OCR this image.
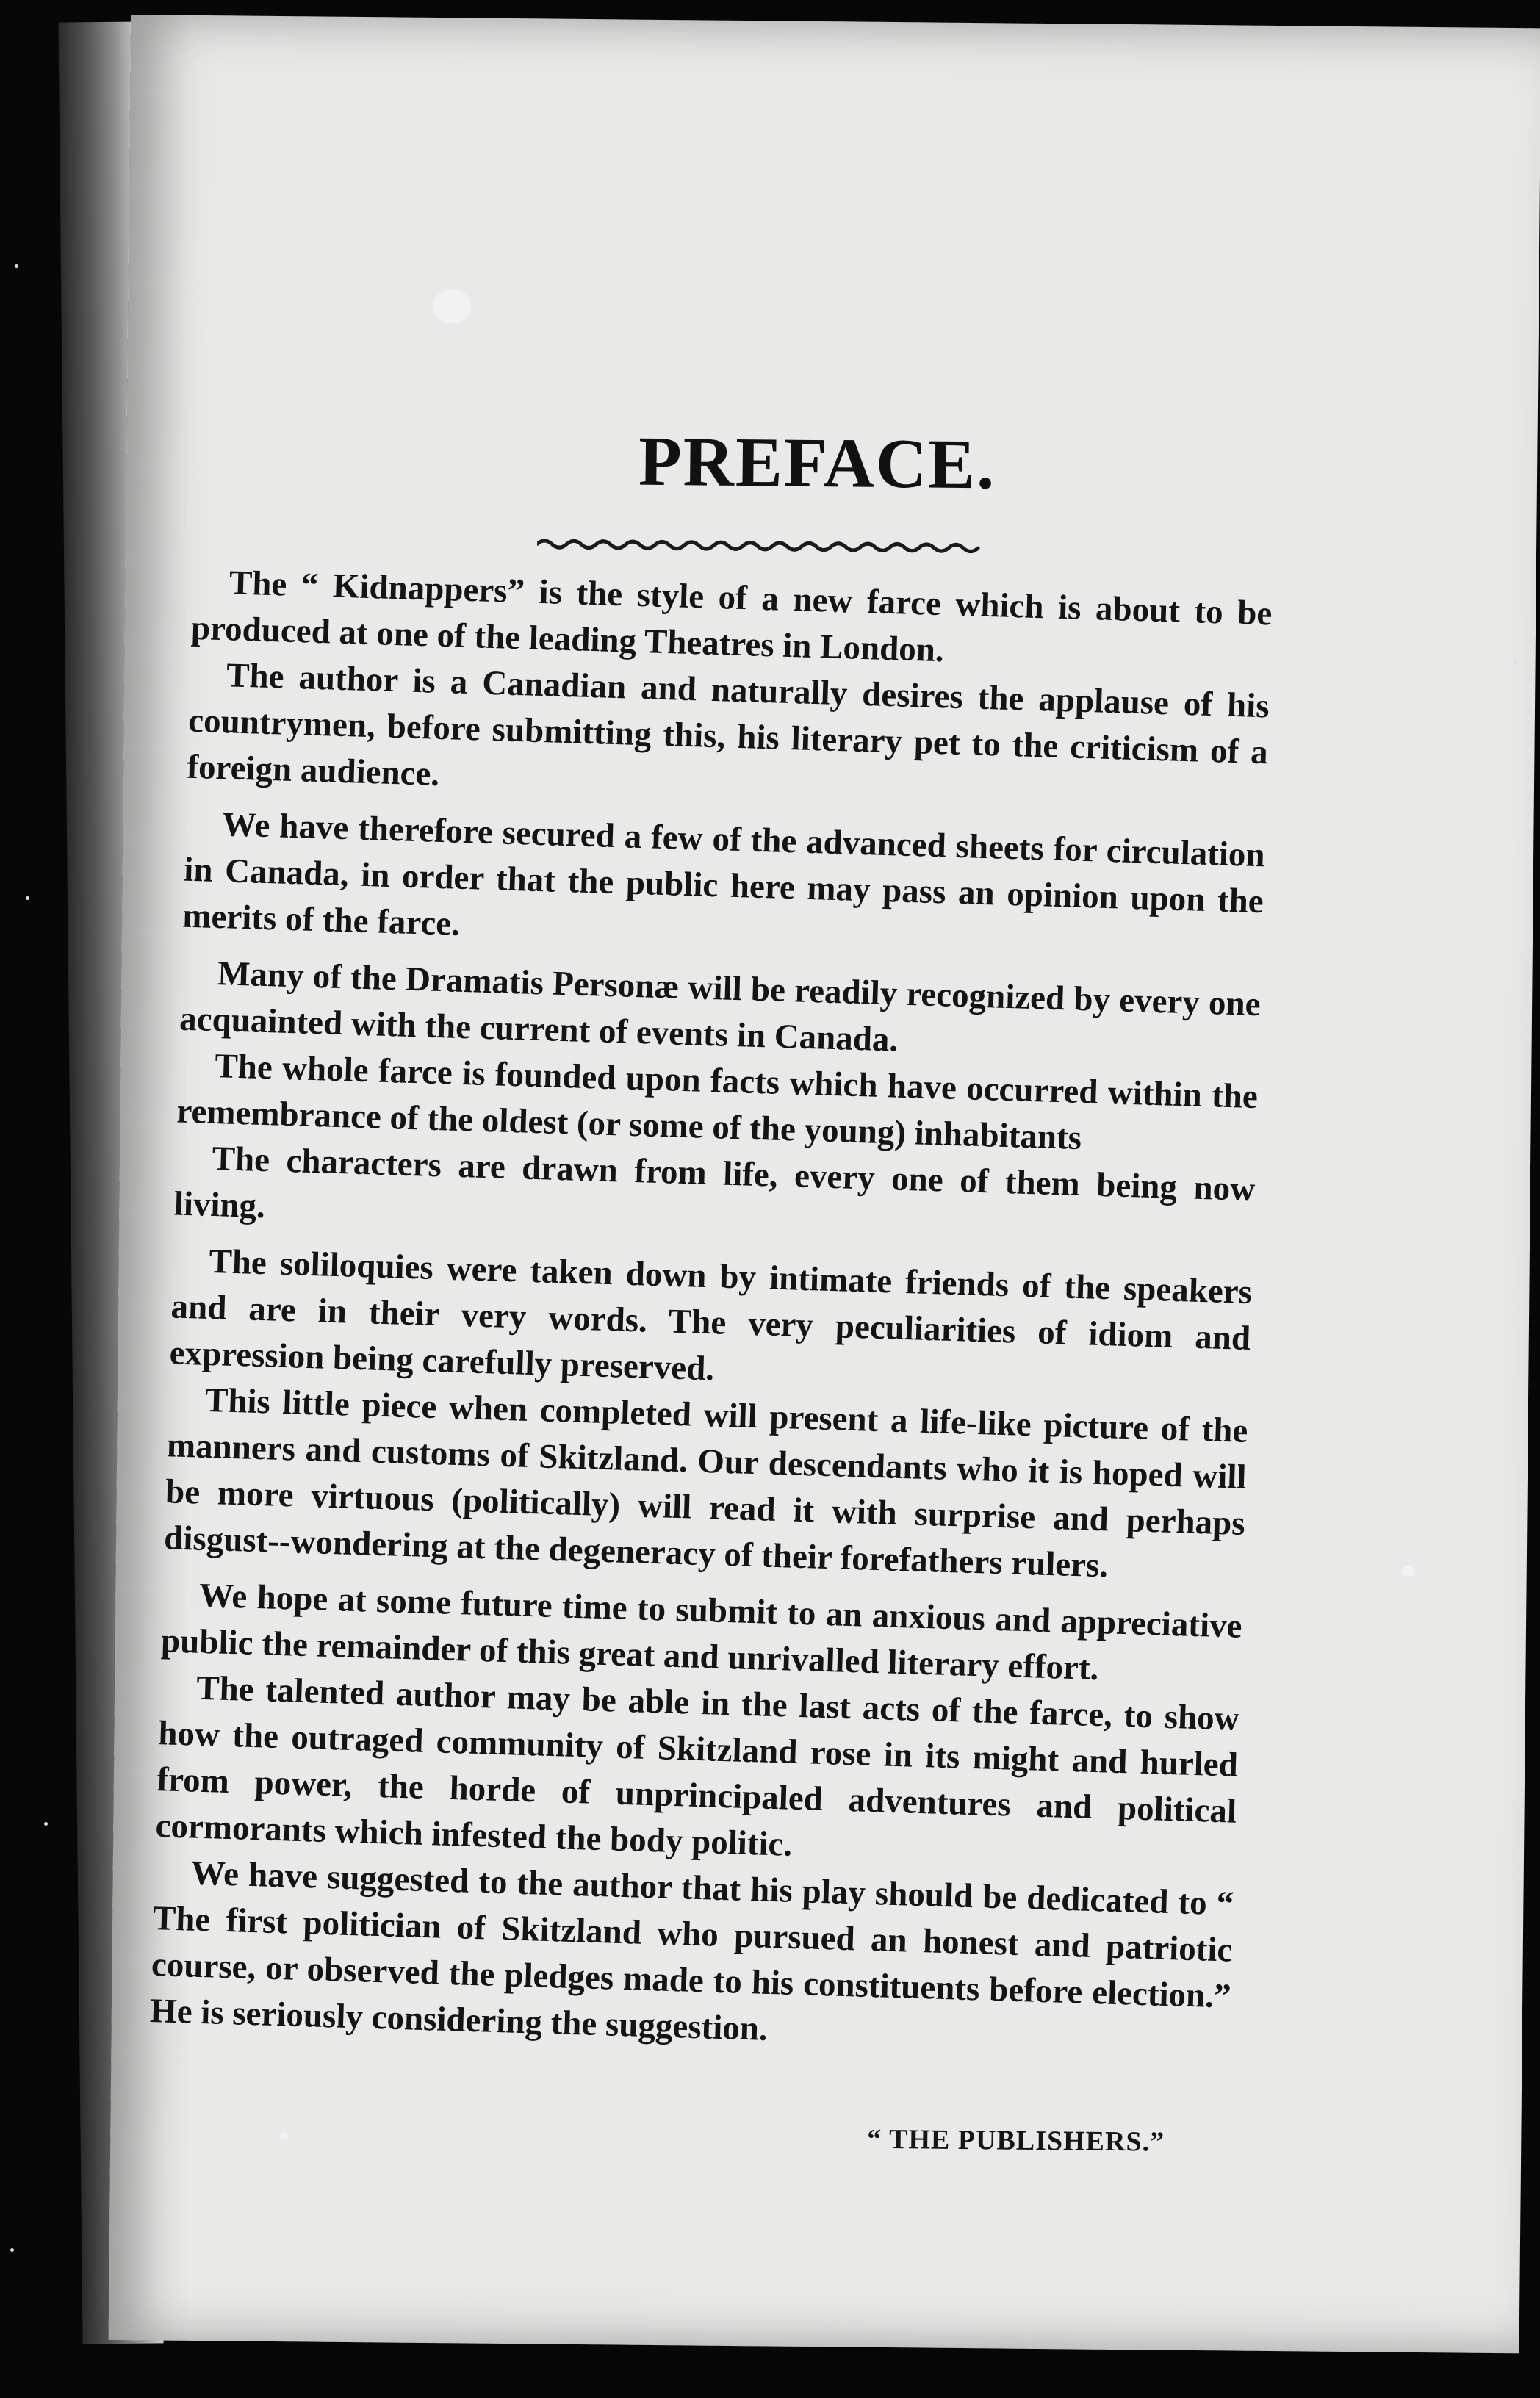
PREFACE.

The “ Kidnappers” is the style of a new farce which is about to be produced at one of the leading Theatres in London.

The author is a Canadian and naturally desires the applause of his countrymen, before submitting this, his literary pet to the criticism of a foreign audience.

We have therefore secured a few of the advanced sheets for circulation in Canada, in order that the public here may pass an opinion upon the merits of the farce.

Many of the Dramatis Personæ will be readily recognized by every one acquainted with the current of events in Canada.

The whole farce is founded upon facts which have occurred within the remembrance of the oldest (or some of the young) inhabitants

The characters are drawn from life, every one of them being now living.

The soliloquies were taken down by intimate friends of the speakers and are in their very words. The very peculiarities of idiom and expression being carefully preserved.

This little piece when completed will present a life-like picture of the manners and customs of Skitzland. Our descendants who it is hoped will be more virtuous (politically) will read it with surprise and perhaps disgust--wondering at the degeneracy of their forefathers rulers.

We hope at some future time to submit to an anxious and appreciative public the remainder of this great and unrivalled literary effort.

The talented author may be able in the last acts of the farce, to show how the outraged community of Skitzland rose in its might and hurled from power, the horde of unprincipaled adventures and political cormorants which infested the body politic.

We have suggested to the author that his play should be dedicated to “ The first politician of Skitzland who pursued an honest and patriotic course, or observed the pledges made to his constituents before election.” He is seriously considering the suggestion.

“ THE PUBLISHERS.”
